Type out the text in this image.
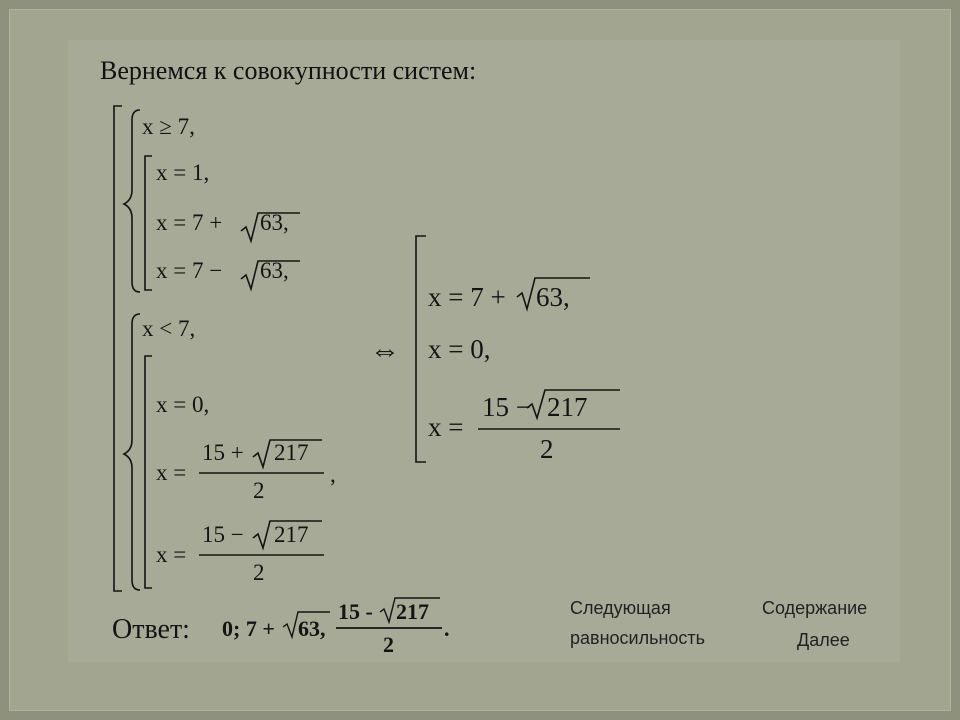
Вернемся к совокупности систем:
x ≥ 7,
x = 1,
x = 7 + 63,
x = 7 − 63,
x < 7,
x = 0,
x =
15 + 217
2
,
x =
15 − 217
2
⇔
x = 7 + 63,
x = 0,
x =
15 − 217
2
Ответ: 0; 7 + 63,
15 - 217
2
.
Следующая
равносильность
Содержание
Далее
